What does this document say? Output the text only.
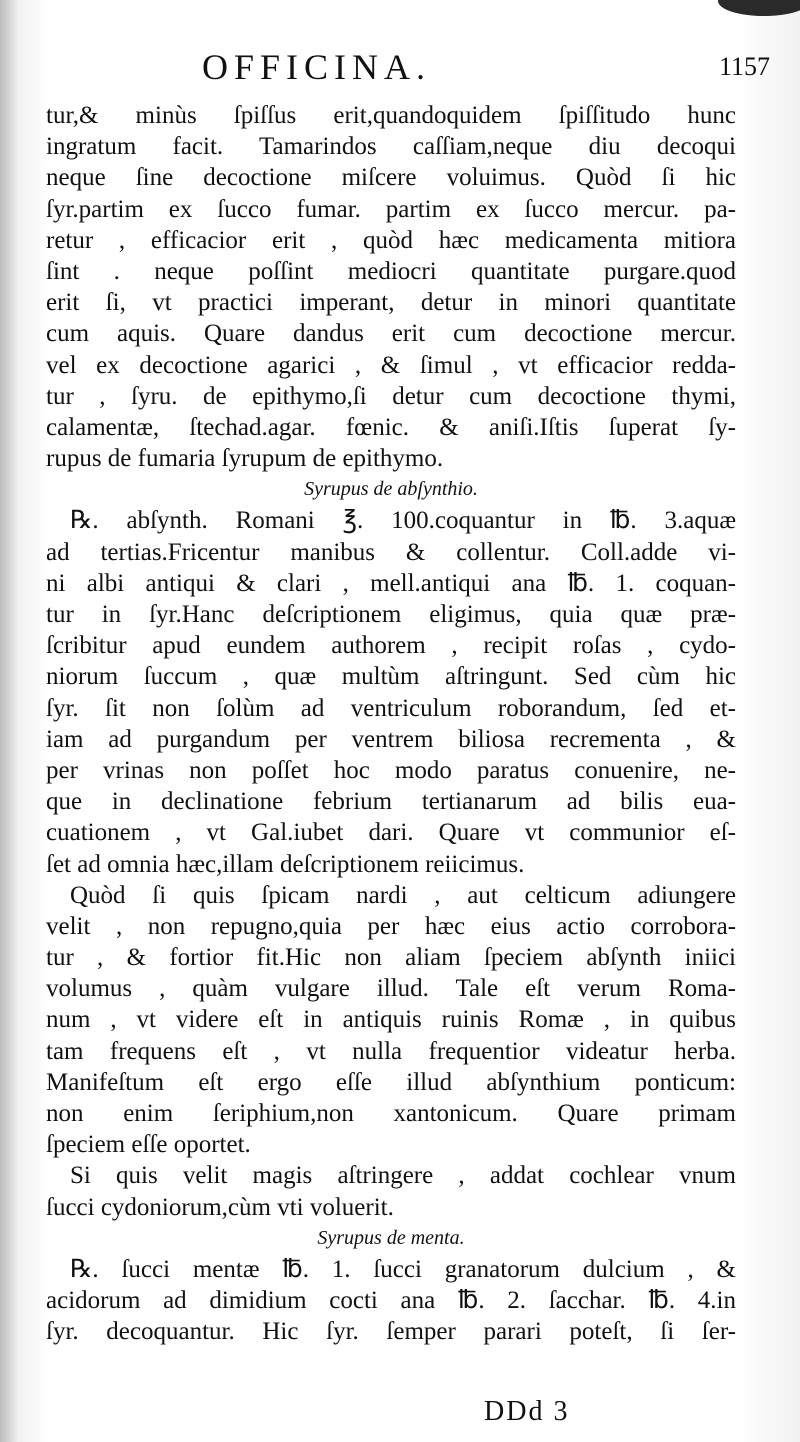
OFFICINA.	1157
tur,& minùs ſpiſſus erit,quandoquidem ſpiſſitudo hunc
ingratum facit. Tamarindos caſſiam,neque diu decoqui
neque ſine decoctione miſcere voluimus. Quòd ſi hic
ſyr.partim ex ſucco fumar. partim ex ſucco mercur. pa-
retur , efficacior erit , quòd hæc medicamenta mitiora
ſint . neque poſſint mediocri quantitate purgare.quod
erit ſi, vt practici imperant, detur in minori quantitate
cum aquis. Quare dandus erit cum decoctione mercur.
vel ex decoctione agarici , & ſimul , vt efficacior redda-
tur , ſyru. de epithymo,ſi detur cum decoctione thymi,
calamentæ, ſtechad.agar. fœnic. & aniſi.Iſtis ſuperat ſy-
rupus de fumaria ſyrupum de epithymo.
Syrupus de abſynthio.
℞. abſynth. Romani ℥. 100.coquantur in ℔. 3.aquæ
ad tertias.Fricentur manibus & collentur. Coll.adde vi-
ni albi antiqui & clari , mell.antiqui ana ℔. 1. coquan-
tur in ſyr.Hanc deſcriptionem eligimus, quia quæ præ-
ſcribitur apud eundem authorem , recipit roſas , cydo-
niorum ſuccum , quæ multùm aſtringunt. Sed cùm hic
ſyr. ſit non ſolùm ad ventriculum roborandum, ſed et-
iam ad purgandum per ventrem biliosa recrementa , &
per vrinas non poſſet hoc modo paratus conuenire, ne-
que in declinatione febrium tertianarum ad bilis eua-
cuationem , vt Gal.iubet dari. Quare vt communior eſ-
ſet ad omnia hæc,illam deſcriptionem reiicimus.
Quòd ſi quis ſpicam nardi , aut celticum adiungere
velit , non repugno,quia per hæc eius actio corrobora-
tur , & fortior fit.Hic non aliam ſpeciem abſynth iniici
volumus , quàm vulgare illud. Tale eſt verum Roma-
num , vt videre eſt in antiquis ruinis Romæ , in quibus
tam frequens eſt , vt nulla frequentior videatur herba.
Manifeſtum eſt ergo eſſe illud abſynthium ponticum:
non enim ſeriphium,non xantonicum. Quare primam
ſpeciem eſſe oportet.
Si quis velit magis aſtringere , addat cochlear vnum
ſucci cydoniorum,cùm vti voluerit.
Syrupus de menta.
℞. ſucci mentæ ℔. 1. ſucci granatorum dulcium , &
acidorum ad dimidium cocti ana ℔. 2. ſacchar. ℔. 4.in
ſyr. decoquantur. Hic ſyr. ſemper parari poteſt, ſi ſer-
DDd 3
